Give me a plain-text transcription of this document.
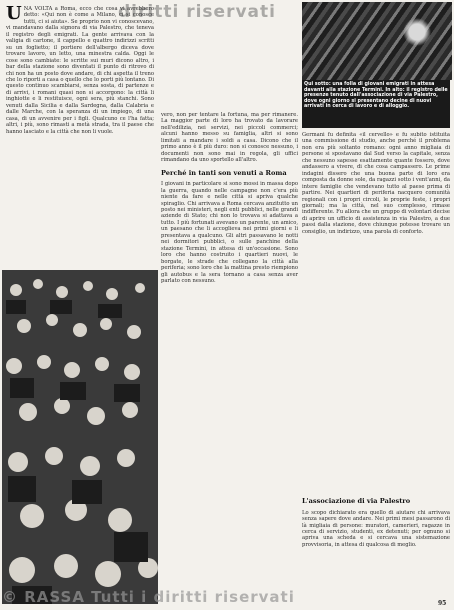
diritti riservati
Qui sotto: una folla di giovani emigrati in attesa davanti alla stazione Termini. In alto: il registro delle presenze tenuto dall'associazione di via Palestro, dove ogni giorno si presentano decine di nuovi arrivati in cerca di lavoro e di alloggio.
U NA VOLTA a Roma, ecco che cosa vi avrebbero detto: «Qui non è come a Milano, ci si conosce tutti, ci si aiuta». Se proprio non vi conoscevano, vi mandavano dalla signora di via Palestro, che teneva il registro degli emigrati. La gente arrivava con la valigia di cartone, il cappello e quattro indirizzi scritti su un foglietto; il portiere dell'albergo diceva dove trovare lavoro, un letto, una minestra calda. Oggi le cose sono cambiate: le scritte sui muri dicono altro, i bar della stazione sono diventati il punto di ritrovo di chi non ha un posto dove andare, di chi aspetta il treno che lo riporti a casa o quello che lo porti più lontano. Di questo continuo scambiarsi, senza sosta, di partenze e di arrivi, i romani quasi non si accorgono: la città li inghiotte e li restituisce, ogni sera, più stanchi. Sono venuti dalla Sicilia e dalla Sardegna, dalla Calabria e dalle Marche, con la speranza di un impiego, di una casa, di un avvenire per i figli. Qualcuno ce l'ha fatta; altri, i più, sono rimasti a metà strada, tra il paese che hanno lasciato e la città che non li vuole.

vero, non per tentare la fortuna, ma per rimanere. La maggior parte di loro ha trovato da lavorare nell'edilizia, nei servizi, nei piccoli commerci; alcuni hanno messo su famiglia, altri si sono limitati a mandare i soldi a casa. Dicono che il primo anno è il più duro: non si conosce nessuno, i documenti non sono mai in regola, gli uffici rimandano da uno sportello all'altro.

Perché in tanti son venuti a Roma

I giovani in particolare si sono mossi in massa dopo la guerra, quando nelle campagne non c'era più niente da fare e nelle città si apriva qualche spiraglio. Chi arrivava a Roma cercava anzitutto un posto nei ministeri, negli enti pubblici, nelle grandi aziende di Stato; chi non lo trovava si adattava a tutto. I più fortunati avevano un parente, un amico, un paesano che li accoglieva nei primi giorni e li presentava a qualcuno. Gli altri passavano le notti nei dormitori pubblici, o sulle panchine della stazione Termini, in attesa di un'occasione. Sono loro che hanno costruito i quartieri nuovi, le borgate, le strade che collegano la città alla periferia; sono loro che la mattina presto riempiono gli autobus e la sera tornano a casa senza aver parlato con nessuno.

Germani fu definita «il cervello» e fu subito istituita una commissione di studio, anche perché il problema non era più soltanto romano: ogni anno migliaia di persone si spostavano dal Sud verso la capitale, senza che nessuno sapesse esattamente quante fossero, dove andassero a vivere, di che cosa campassero. Le prime indagini dissero che una buona parte di loro era composta da donne sole, da ragazzi sotto i vent'anni, da intere famiglie che vendevano tutto al paese prima di partire. Nei quartieri di periferia nacquero comunità regionali con i propri circoli, le proprie feste, i propri giornali; ma la città, nel suo complesso, rimase indifferente. Fu allora che un gruppo di volontari decise di aprire un ufficio di assistenza in via Palestro, a due passi dalla stazione, dove chiunque potesse trovare un consiglio, un indirizzo, una parola di conforto.

L'associazione di via Palestro

Lo scopo dichiarato era quello di aiutare chi arrivava senza sapere dove andare. Nei primi mesi passarono di là migliaia di persone: muratori, camerieri, ragazze in cerca di servizio, studenti, ex detenuti; per ognuno si apriva una scheda e si cercava una sistemazione provvisoria, in attesa di qualcosa di meglio.

© RASSA Tutti i diritti riservati	95
